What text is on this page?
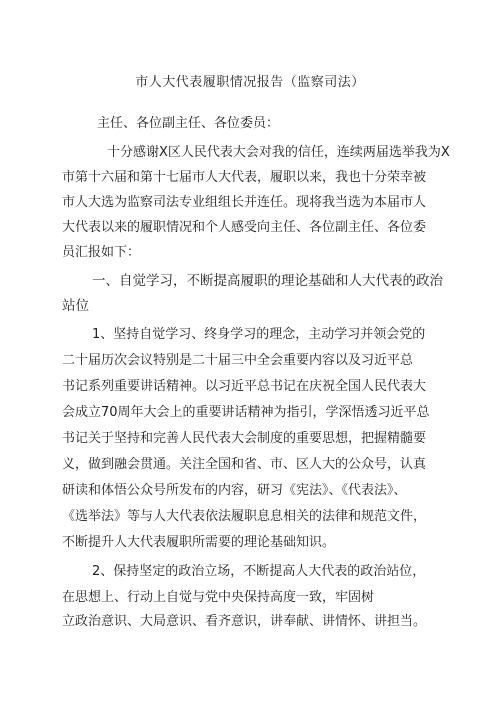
市人大代表履职情况报告（监察司法）
主任、各位副主任、各位委员：
十分感谢X区人民代表大会对我的信任，连续两届选举我为X
市第十六届和第十七届市人大代表，履职以来，我也十分荣幸被
市人大选为监察司法专业组组长并连任。现将我当选为本届市人
大代表以来的履职情况和个人感受向主任、各位副主任、各位委
员汇报如下：
一、自觉学习，不断提高履职的理论基础和人大代表的政治
站位
1、坚持自觉学习、终身学习的理念，主动学习并领会党的
二十届历次会议特别是二十届三中全会重要内容以及习近平总
书记系列重要讲话精神。以习近平总书记在庆祝全国人民代表大
会成立70周年大会上的重要讲话精神为指引，学深悟透习近平总
书记关于坚持和完善人民代表大会制度的重要思想，把握精髓要
义，做到融会贯通。关注全国和省、市、区人大的公众号，认真
研读和体悟公众号所发布的内容，研习《宪法》、《代表法》、
《选举法》等与人大代表依法履职息息相关的法律和规范文件，
不断提升人大代表履职所需要的理论基础知识。
2、保持坚定的政治立场，不断提高人大代表的政治站位，
在思想上、行动上自觉与党中央保持高度一致，牢固树
立政治意识、大局意识、看齐意识，讲奉献、讲情怀、讲担当。
